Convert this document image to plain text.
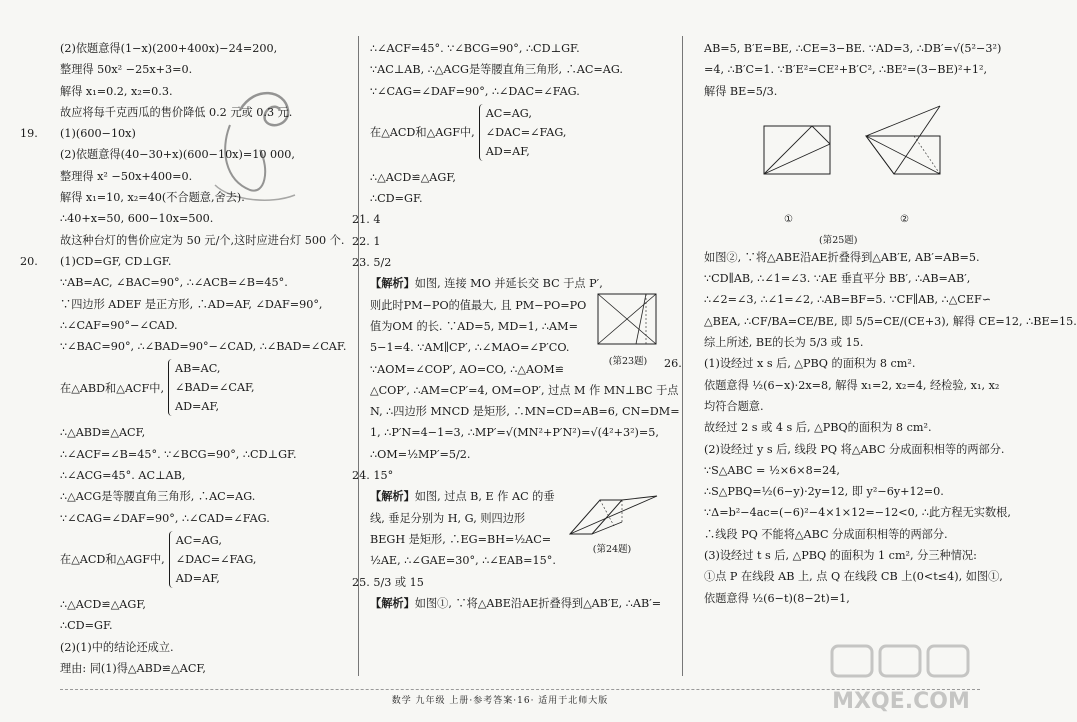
(2)依题意得(1−x)(200+400x)−24=200,
整理得 50x² −25x+3=0.
解得 x₁=0.2, x₂=0.3.
故应将每千克西瓜的售价降低 0.2 元或 0.3 元.
19.	(1)(600−10x)
(2)依题意得(40−30+x)(600−10x)=10 000,
整理得 x² −50x+400=0.
解得 x₁=10, x₂=40(不合题意,舍去).
∴40+x=50, 600−10x=500.
故这种台灯的售价应定为 50 元/个,这时应进台灯 500 个.
20.	(1)CD=GF, CD⊥GF.
∵AB=AC, ∠BAC=90°, ∴∠ACB=∠B=45°.
∵四边形 ADEF 是正方形, ∴AD=AF, ∠DAF=90°,
∴∠CAF=90°−∠CAD.
∵∠BAC=90°, ∴∠BAD=90°−∠CAD, ∴∠BAD=∠CAF.
在△ABD和△ACF中,
AB=AC,
∠BAD=∠CAF,
AD=AF,
∴△ABD≌△ACF,
∴∠ACF=∠B=45°. ∵∠BCG=90°, ∴CD⊥GF.
∴∠ACG=45°. AC⊥AB,
∴△ACG是等腰直角三角形, ∴AC=AG.
∵∠CAG=∠DAF=90°, ∴∠CAD=∠FAG.
在△ACD和△AGF中,
AC=AG,
∠DAC=∠FAG,
AD=AF,
∴△ACD≌△AGF,
∴CD=GF.
(2)(1)中的结论还成立.
理由: 同(1)得△ABD≌△ACF,
∴∠ACF=45°. ∵∠BCG=90°, ∴CD⊥GF.
∵AC⊥AB, ∴△ACG是等腰直角三角形, ∴AC=AG.
∵∠CAG=∠DAF=90°, ∴∠DAC=∠FAG.
在△ACD和△AGF中,
AC=AG,
∠DAC=∠FAG,
AD=AF,
∴△ACD≌△AGF,
∴CD=GF.
21. 4
22. 1
23. 5/2
【解析】如图, 连接 MO 并延长交 BC 于点 P′,
则此时PM−PO的值最大, 且 PM−PO=PO
值为OM 的长. ∵AD=5, MD=1, ∴AM=
5−1=4. ∵AM∥CP′, ∴∠MAO=∠P′CO.
∵AOM=∠COP′, AO=CO, ∴△AOM≌
△COP′, ∴AM=CP′=4, OM=OP′, 过点 M 作 MN⊥BC 于点
N, ∴四边形 MNCD 是矩形, ∴MN=CD=AB=6, CN=DM=
1, ∴P′N=4−1=3, ∴MP′=√(MN²+P′N²)=√(4²+3²)=5,
∴OM=½MP′=5/2.
24. 15°
【解析】如图, 过点 B, E 作 AC 的垂
线, 垂足分别为 H, G, 则四边形
BEGH 是矩形, ∴EG=BH=½AC=
½AE, ∴∠GAE=30°, ∴∠EAB=15°.
25. 5/3 或 15
【解析】如图①, ∵将△ABE沿AE折叠得到△AB′E, ∴AB′=
(第23题)
(第24题)
AB=5, B′E=BE, ∴CE=3−BE. ∵AD=3, ∴DB′=√(5²−3²)
=4, ∴B′C=1. ∵B′E²=CE²+B′C², ∴BE²=(3−BE)²+1²,
解得 BE=5/3.
①	②
(第25题)
如图②, ∵将△ABE沿AE折叠得到△AB′E, AB′=AB=5.
∵CD∥AB, ∴∠1=∠3. ∵AE 垂直平分 BB′, ∴AB=AB′,
∴∠2=∠3, ∴∠1=∠2, ∴AB=BF=5. ∵CF∥AB, ∴△CEF∽
△BEA, ∴CF/BA=CE/BE, 即 5/5=CE/(CE+3), 解得 CE=12, ∴BE=15.
综上所述, BE的长为 5/3 或 15.
26.	(1)设经过 x s 后, △PBQ 的面积为 8 cm².
依题意得 ½(6−x)·2x=8, 解得 x₁=2, x₂=4, 经检验, x₁, x₂
均符合题意.
故经过 2 s 或 4 s 后, △PBQ的面积为 8 cm².
(2)设经过 y s 后, 线段 PQ 将△ABC 分成面积相等的两部分.
∵S△ABC = ½×6×8=24,
∴S△PBQ=½(6−y)·2y=12, 即 y²−6y+12=0.
∵Δ=b²−4ac=(−6)²−4×1×12=−12<0, ∴此方程无实数根,
∴线段 PQ 不能将△ABC 分成面积相等的两部分.
(3)设经过 t s 后, △PBQ 的面积为 1 cm², 分三种情况:
①点 P 在线段 AB 上, 点 Q 在线段 CB 上(0<t≤4), 如图①,
依题意得 ½(6−t)(8−2t)=1,
数学 九年级 上册·参考答案·16· 适用于北师大版	MXQE.COM
